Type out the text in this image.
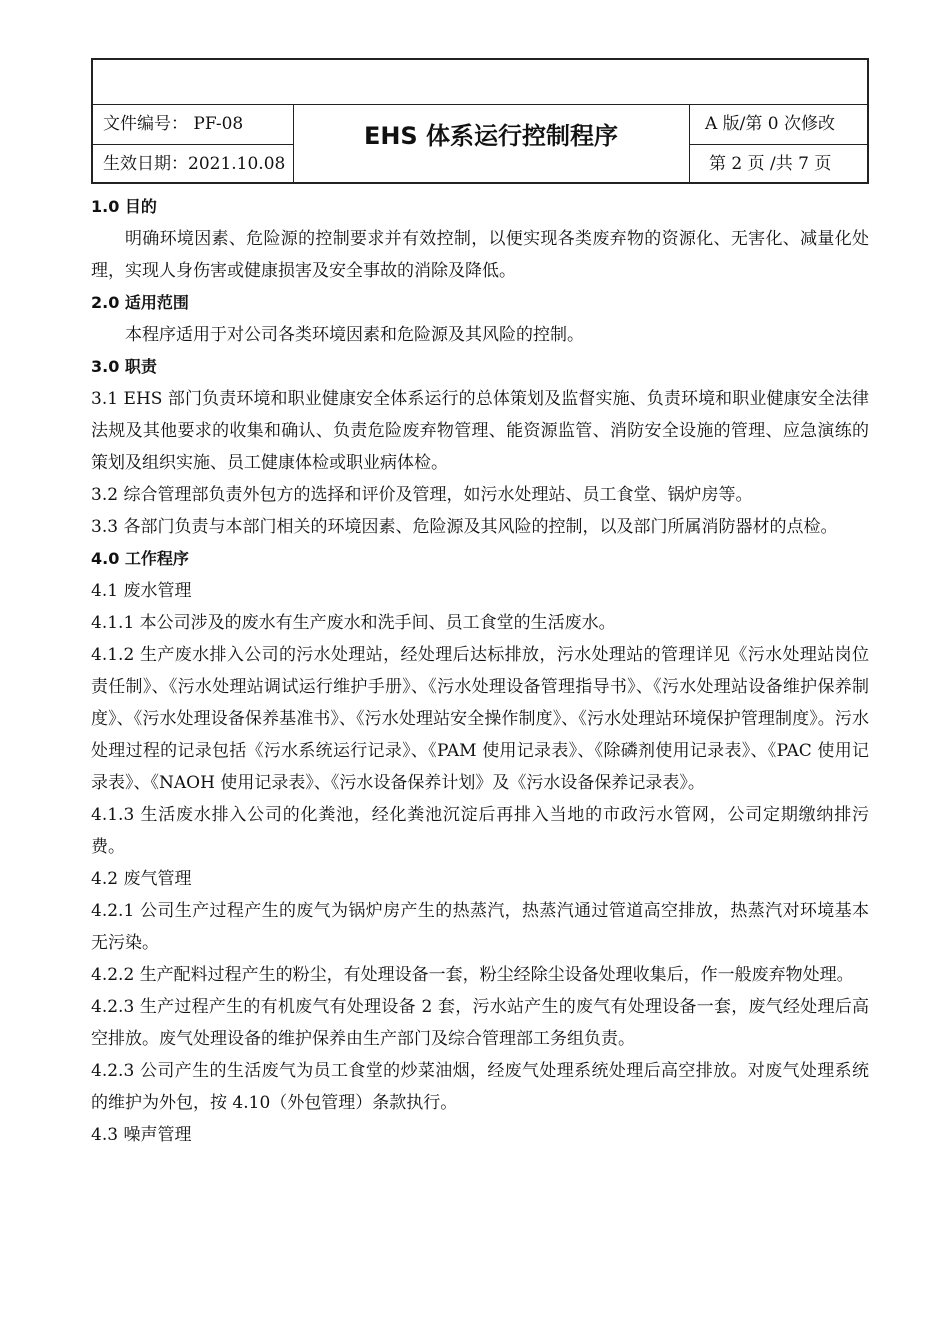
文件编号： PF-08
生效日期：2021.10.08
EHS 体系运行控制程序	A 版/第 0 次修改
第 2 页 /共 7 页

1.0 目的

明确环境因素、危险源的控制要求并有效控制，以便实现各类废弃物的资源化、无害化、减量化处理，实现人身伤害或健康损害及安全事故的消除及降低。

2.0 适用范围

本程序适用于对公司各类环境因素和危险源及其风险的控制。

3.0 职责

3.1 EHS 部门负责环境和职业健康安全体系运行的总体策划及监督实施、负责环境和职业健康安全法律法规及其他要求的收集和确认、负责危险废弃物管理、能资源监管、消防安全设施的管理、应急演练的策划及组织实施、员工健康体检或职业病体检。

3.2 综合管理部负责外包方的选择和评价及管理，如污水处理站、员工食堂、锅炉房等。

3.3 各部门负责与本部门相关的环境因素、危险源及其风险的控制，以及部门所属消防器材的点检。

4.0 工作程序

4.1 废水管理

4.1.1 本公司涉及的废水有生产废水和洗手间、员工食堂的生活废水。

4.1.2 生产废水排入公司的污水处理站，经处理后达标排放，污水处理站的管理详见《污水处理站岗位责任制》、《污水处理站调试运行维护手册》、《污水处理设备管理指导书》、《污水处理站设备维护保养制度》、《污水处理设备保养基准书》、《污水处理站安全操作制度》、《污水处理站环境保护管理制度》。污水处理过程的记录包括《污水系统运行记录》、《PAM 使用记录表》、《除磷剂使用记录表》、《PAC 使用记录表》、《NAOH 使用记录表》、《污水设备保养计划》及《污水设备保养记录表》。

4.1.3 生活废水排入公司的化粪池，经化粪池沉淀后再排入当地的市政污水管网，公司定期缴纳排污费。

4.2 废气管理

4.2.1 公司生产过程产生的废气为锅炉房产生的热蒸汽，热蒸汽通过管道高空排放，热蒸汽对环境基本无污染。

4.2.2 生产配料过程产生的粉尘，有处理设备一套，粉尘经除尘设备处理收集后，作一般废弃物处理。

4.2.3 生产过程产生的有机废气有处理设备 2 套，污水站产生的废气有处理设备一套，废气经处理后高空排放。废气处理设备的维护保养由生产部门及综合管理部工务组负责。

4.2.3 公司产生的生活废气为员工食堂的炒菜油烟，经废气处理系统处理后高空排放。对废气处理系统的维护为外包，按 4.10（外包管理）条款执行。

4.3 噪声管理
